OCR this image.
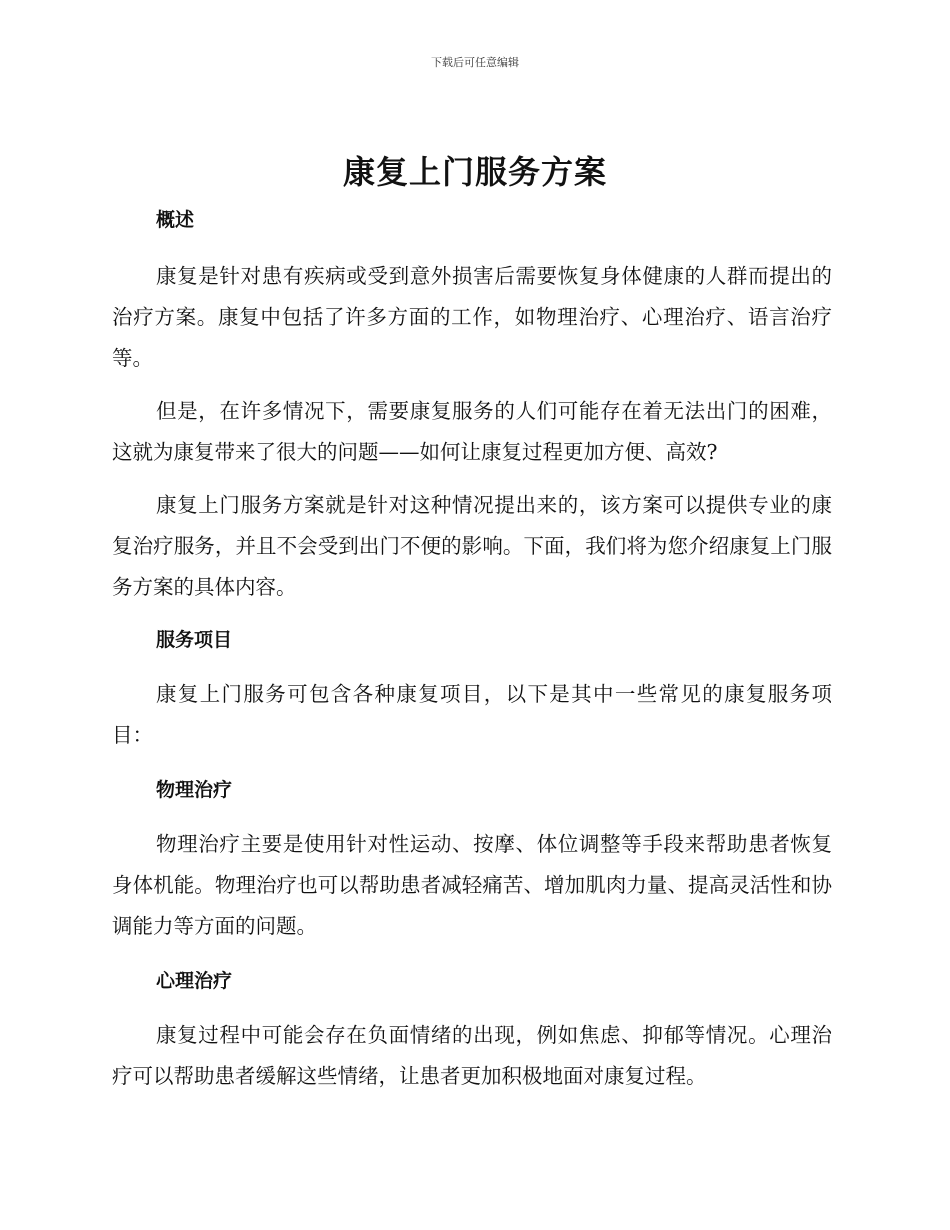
下载后可任意编辑
康复上门服务方案
概述

康复是针对患有疾病或受到意外损害后需要恢复身体健康的人群而提出的治疗方案。康复中包括了许多方面的工作，如物理治疗、心理治疗、语言治疗等。

但是，在许多情况下，需要康复服务的人们可能存在着无法出门的困难，这就为康复带来了很大的问题——如何让康复过程更加方便、高效?

康复上门服务方案就是针对这种情况提出来的，该方案可以提供专业的康复治疗服务，并且不会受到出门不便的影响。下面，我们将为您介绍康复上门服务方案的具体内容。

服务项目

康复上门服务可包含各种康复项目，以下是其中一些常见的康复服务项目：

物理治疗

物理治疗主要是使用针对性运动、按摩、体位调整等手段来帮助患者恢复身体机能。物理治疗也可以帮助患者减轻痛苦、增加肌肉力量、提高灵活性和协调能力等方面的问题。

心理治疗

康复过程中可能会存在负面情绪的出现，例如焦虑、抑郁等情况。心理治疗可以帮助患者缓解这些情绪，让患者更加积极地面对康复过程。
